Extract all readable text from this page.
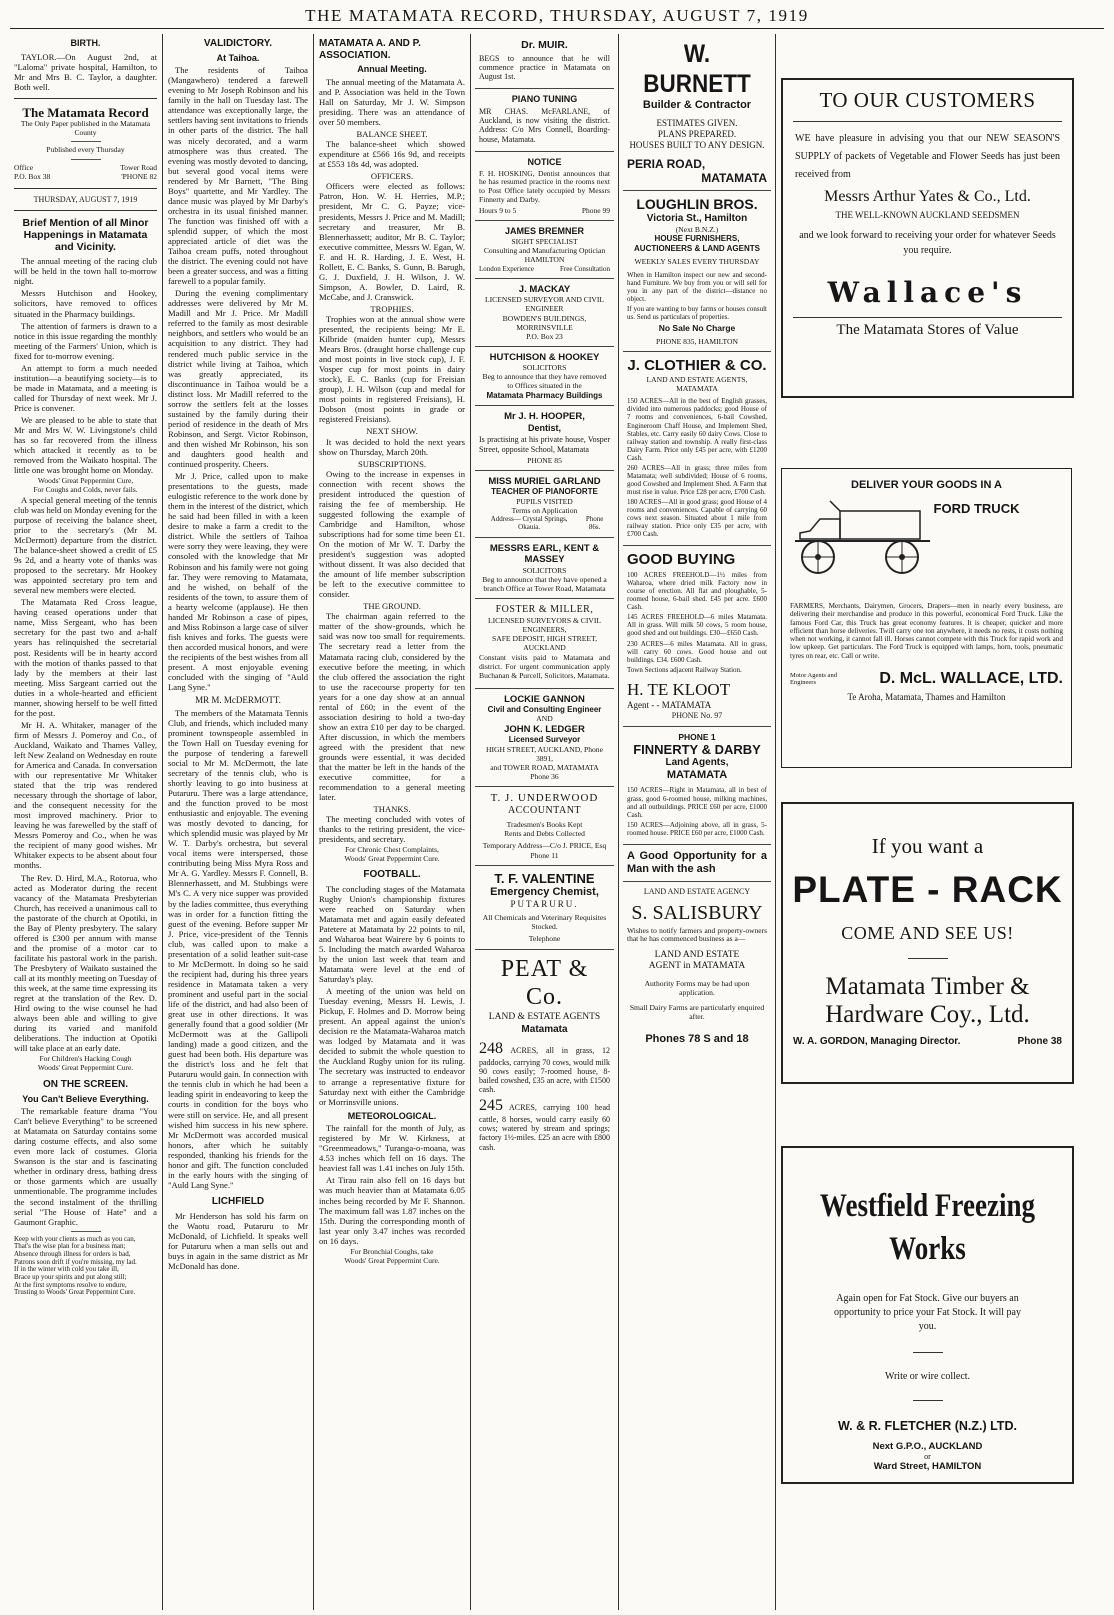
THE MATAMATA RECORD, THURSDAY, AUGUST 7, 1919
BIRTH.

TAYLOR.—On August 2nd, at "Laloma" private hospital, Hamilton, to Mr and Mrs B. C. Taylor, a daughter. Both well.

The Matamata Record
The Only Paper published in the Matamata County
Published every Thursday
Office	Tower Road
P.O. Box 38	'PHONE 82
THURSDAY, AUGUST 7, 1919
Brief Mention of all Minor Happenings in Matamata and Vicinity.

The annual meeting of the racing club will be held in the town hall to-morrow night.

Messrs Hutchison and Hookey, solicitors, have removed to offices situated in the Pharmacy buildings.

The attention of farmers is drawn to a notice in this issue regarding the monthly meeting of the Farmers' Union, which is fixed for to-morrow evening.

An attempt to form a much needed institution—a beautifying society—is to be made in Matamata, and a meeting is called for Thursday of next week. Mr J. Price is convener.

We are pleased to be able to state that Mr and Mrs W. W. Livingstone's child has so far recovered from the illness which attacked it recently as to be removed from the Waikato hospital. The little one was brought home on Monday.

Woods' Great Peppermint Cure,
For Coughs and Colds, never fails.

A special general meeting of the tennis club was held on Monday evening for the purpose of receiving the balance sheet, prior to the secretary's (Mr M. McDermott) departure from the district. The balance-sheet showed a credit of £5 9s 2d, and a hearty vote of thanks was proposed to the secretary. Mr Hookey was appointed secretary pro tem and several new members were elected.

The Matamata Red Cross league, having ceased operations under that name, Miss Sergeant, who has been secretary for the past two and a-half years has relinquished the secretarial post. Residents will be in hearty accord with the motion of thanks passed to that lady by the members at their last meeting. Miss Sargeant carried out the duties in a whole-hearted and efficient manner, showing herself to be well fitted for the post.

Mr H. A. Whitaker, manager of the firm of Messrs J. Pomeroy and Co., of Auckland, Waikato and Thames Valley, left New Zealand on Wednesday en route for America and Canada. In conversation with our representative Mr Whitaker stated that the trip was rendered necessary through the shortage of labor, and the consequent necessity for the most improved machinery. Prior to leaving he was farewelled by the staff of Messrs Pomeroy and Co., when he was the recipient of many good wishes. Mr Whitaker expects to be absent about four months.

The Rev. D. Hird, M.A., Rotorua, who acted as Moderator during the recent vacancy of the Matamata Presbyterian Church, has received a unanimous call to the pastorate of the church at Opotiki, in the Bay of Plenty presbytery. The salary offered is £300 per annum with manse and the promise of a motor car to facilitate his pastoral work in the parish. The Presbytery of Waikato sustained the call at its monthly meeting on Tuesday of this week, at the same time expressing its regret at the translation of the Rev. D. Hird owing to the wise counsel he had always been able and willing to give during its varied and manifold deliberations. The induction at Opotiki will take place at an early date.

For Children's Hacking Cough
Woods' Great Peppermint Cure.
ON THE SCREEN.
You Can't Believe Everything.

The remarkable feature drama "You Can't believe Everything" to be screened at Matamata on Saturday contains some daring costume effects, and also some even more lack of costumes. Gloria Swanson is the star and is fascinating whether in ordinary dress, bathing dress or those garments which are usually unmentionable. The programme includes the second instalment of the thrilling serial "The House of Hate" and a Gaumont Graphic.

Keep with your clients as much as you can,
That's the wise plan for a business man;
Absence through illness for orders is bad,
Patrons soon drift if you're missing, my lad.
If in the winter with cold you take ill,
Brace up your spirits and put along still;
At the first symptoms resolve to endure,
Trusting to Woods' Great Peppermint Cure.
VALIDICTORY.
At Taihoa.

The residents of Taihoa (Mangawhero) tendered a farewell evening to Mr Joseph Robinson and his family in the hall on Tuesday last. The attendance was exceptionally large, the settlers having sent invitations to friends in other parts of the district. The hall was nicely decorated, and a warm atmosphere was thus created. The evening was mostly devoted to dancing, but several good vocal items were rendered by Mr Barnett, "The Bing Boys" quartette, and Mr Yardley. The dance music was played by Mr Darby's orchestra in its usual finished manner. The function was finished off with a splendid supper, of which the most appreciated article of diet was the Taihoa cream puffs, noted throughout the district. The evening could not have been a greater success, and was a fitting farewell to a popular family.

During the evening complimentary addresses were delivered by Mr M. Madill and Mr J. Price. Mr Madill referred to the family as most desirable neighbors, and settlers who would be an acquisition to any district. They had rendered much public service in the district while living at Taihoa, which was greatly appreciated, its discontinuance in Taihoa would be a distinct loss. Mr Madill referred to the sorrow the settlers felt at the losses sustained by the family during their period of residence in the death of Mrs Robinson, and Sergt. Victor Robinson, and then wished Mr Robinson, his son and daughters good health and continued prosperity. Cheers.

Mr J. Price, called upon to make presentations to the guests, made eulogistic reference to the work done by them in the interest of the district, which he said had been filled in with a keen desire to make a farm a credit to the district. While the settlers of Taihoa were sorry they were leaving, they were consoled with the knowledge that Mr Robinson and his family were not going far. They were removing to Matamata, and he wished, on behalf of the residents of the town, to assure them of a hearty welcome (applause). He then handed Mr Robinson a case of pipes, and Miss Robinson a large case of silver fish knives and forks. The guests were then accorded musical honors, and were the recipients of the best wishes from all present. A most enjoyable evening concluded with the singing of "Auld Lang Syne."

MR M. McDERMOTT.

The members of the Matamata Tennis Club, and friends, which included many prominent townspeople assembled in the Town Hall on Tuesday evening for the purpose of tendering a farewell social to Mr M. McDermott, the late secretary of the tennis club, who is shortly leaving to go into business at Putaruru. There was a large attendance, and the function proved to be most enthusiastic and enjoyable. The evening was mostly devoted to dancing, for which splendid music was played by Mr W. T. Darby's orchestra, but several vocal items were interspersed, those contributing being Miss Myra Ross and Mr A. G. Yardley. Messrs F. Connell, B. Blennerhassett, and M. Stubbings were M's C. A very nice supper was provided by the ladies committee, thus everything was in order for a function fitting the guest of the evening. Before supper Mr J. Price, vice-president of the Tennis club, was called upon to make a presentation of a solid leather suit-case to Mr McDermott. In doing so he said the recipient had, during his three years residence in Matamata taken a very prominent and useful part in the social life of the district, and had also been of great use in other directions. It was generally found that a good soldier (Mr McDermott was at the Gallipoli landing) made a good citizen, and the guest had been both. His departure was the district's loss and he felt that Putaruru would gain. In connection with the tennis club in which he had been a leading spirit in endeavoring to keep the courts in condition for the boys who were still on service. He, and all present wished him success in his new sphere. Mr McDermott was accorded musical honors, after which he suitably responded, thanking his friends for the honor and gift. The function concluded in the early hours with the singing of "Auld Lang Syne."

LICHFIELD

Mr Henderson has sold his farm on the Waotu road, Putaruru to Mr McDonald, of Lichfield. It speaks well for Putaruru when a man sells out and buys in again in the same district as Mr McDonald has done.

MATAMATA A. AND P. ASSOCIATION.
Annual Meeting.

The annual meeting of the Matamata A. and P. Association was held in the Town Hall on Saturday, Mr J. W. Simpson presiding. There was an attendance of over 50 members.

BALANCE SHEET.

The balance-sheet which showed expenditure at £566 16s 9d, and receipts at £553 18s 4d, was adopted.

OFFICERS.

Officers were elected as follows: Patron, Hon. W. H. Herries, M.P.; president, Mr C. G. Payze; vice-presidents, Messrs J. Price and M. Madill; secretary and treasurer, Mr B. Blennerhassett; auditor, Mr B. C. Taylor; executive committee, Messrs W. Egan, W. F. and H. R. Harding, J. E. West, H. Rollett, E. C. Banks, S. Gunn, B. Barugh, G. J. Duxfield, J. H. Wilson, J. W. Simpson, A. Bowler, D. Laird, R. McCabe, and J. Cranswick.

TROPHIES.

Trophies won at the annual show were presented, the recipients being: Mr E. Kilbride (maiden hunter cup), Messrs Mears Bros. (draught horse challenge cup and most points in live stock cup), J. F. Vosper cup for most points in dairy stock), E. C. Banks (cup for Freisian group), J. H. Wilson (cup and medal for most points in registered Freisians), H. Dobson (most points in grade or registered Freisians).

NEXT SHOW.

It was decided to hold the next years show on Thursday, March 20th.

SUBSCRIPTIONS.

Owing to the increase in expenses in connection with recent shows the president introduced the question of raising the fee of membership. He suggested following the example of Cambridge and Hamilton, whose subscriptions had for some time been £1. On the motion of Mr W. T. Darby the president's suggestion was adopted without dissent. It was also decided that the amount of life member subscription be left to the executive committee to consider.

THE GROUND.

The chairman again referred to the matter of the show-grounds, which he said was now too small for requirements. The secretary read a letter from the Matamata racing club, considered by the executive before the meeting, in which the club offered the association the right to use the racecourse property for ten years for a one day show at an annual rental of £60; in the event of the association desiring to hold a two-day show an extra £10 per day to be charged. After discussion, in which the members agreed with the president that new grounds were essential, it was decided that the matter be left in the hands of the executive committee, for a recommendation to a general meeting later.

THANKS.

The meeting concluded with votes of thanks to the retiring president, the vice-presidents, and secretary.

For Chronic Chest Complaints,
Woods' Great Peppermint Cure.
FOOTBALL.

The concluding stages of the Matamata Rugby Union's championship fixtures were reached on Saturday when Matamata met and again easily defeated Patetere at Matamata by 22 points to nil, and Waharoa beat Wairere by 6 points to 5. Including the match awarded Waharoa by the union last week that team and Matamata were level at the end of Saturday's play.

A meeting of the union was held on Tuesday evening, Messrs H. Lewis, J. Pickup, F. Holmes and D. Morrow being present. An appeal against the union's decision re the Matamata-Waharoa match was lodged by Matamata and it was decided to submit the whole question to the Auckland Rugby union for its ruling. The secretary was instructed to endeavor to arrange a representative fixture for Saturday next with either the Cambridge or Morrinsville unions.

METEOROLOGICAL.

The rainfall for the month of July, as registered by Mr W. Kirkness, at "Greenmeadows," Turanga-o-moana, was 4.53 inches which fell on 16 days. The heaviest fall was 1.41 inches on July 15th.

At Tirau rain also fell on 16 days but was much heavier than at Matamata 6.05 inches being recorded by Mr F. Shannon. The maximum fall was 1.87 inches on the 15th. During the corresponding month of last year only 3.47 inches was recorded on 16 days.

For Bronchial Coughs, take
Woods' Great Peppermint Cure.
Dr. MUIR.
BEGS to announce that he will commence practice in Matamata on August 1st.
PIANO TUNING
MR CHAS. McFARLANE, of Auckland, is now visiting the district. Address: C/o Mrs Connell, Boarding-house, Matamata.
NOTICE
F. H. HOSKING, Dentist announces that he has resumed practice in the rooms next to Post Office lately occupied by Messrs Finnerty and Darby.
Hours 9 to 5	Phone 99
JAMES BREMNER
SIGHT SPECIALIST
Consulting and Manufacturing Optician HAMILTON
London Experience	Free Consultation
J. MACKAY
LICENSED SURVEYOR AND CIVIL ENGINEER
BOWDEN'S BUILDINGS, MORRINSVILLE
P.O. Box 23
HUTCHISON & HOOKEY
SOLICITORS
Beg to announce that they have removed to Offices situated in the
Matamata Pharmacy Buildings
Mr J. H. HOOPER,
Dentist,
Is practising at his private house, Vosper Street, opposite School, Matamata
PHONE 85
MISS MURIEL GARLAND
TEACHER OF PIANOFORTE
PUPILS VISITED
Terms on Application
Address— Crystal Springs, Okauia.
Phone 86s.
MESSRS EARL, KENT & MASSEY
SOLICITORS
Beg to announce that they have opened a branch Office at Tower Road, Matamata
FOSTER & MILLER,
LICENSED SURVEYORS & CIVIL ENGINEERS,
SAFE DEPOSIT, HIGH STREET, AUCKLAND
Constant visits paid to Matamata and district. For urgent communication apply Buchanan & Purcell, Solicitors, Matamata.
LOCKIE GANNON
Civil and Consulting Engineer
AND
JOHN K. LEDGER
Licensed Surveyor
HIGH STREET, AUCKLAND, Phone 3891,
and TOWER ROAD, MATAMATA
Phone 36
T. J. UNDERWOOD
ACCOUNTANT
Tradesmen's Books Kept
Rents and Debts Collected
Temporary Address—C/o J. PRICE, Esq
Phone 11
T. F. VALENTINE
Emergency Chemist,
PUTARURU.
All Chemicals and Veterinary Requisites Stocked.
Telephone
PEAT & Co.
LAND & ESTATE AGENTS
Matamata
248 ACRES, all in grass, 12 paddocks, carrying 70 cows, would milk 90 cows easily; 7-roomed house, 8-bailed cowshed, £35 an acre, with £1500 cash.
245 ACRES, carrying 100 head cattle, 8 horses, would carry easily 60 cows; watered by stream and springs; factory 1½-miles. £25 an acre with £800 cash.
W. BURNETT
Builder & Contractor
ESTIMATES GIVEN.
PLANS PREPARED.
HOUSES BUILT TO ANY DESIGN.
PERIA ROAD,
MATAMATA
LOUGHLIN BROS.
Victoria St., Hamilton
(Next B.N.Z.)
HOUSE FURNISHERS, AUCTIONEERS & LAND AGENTS
WEEKLY SALES EVERY THURSDAY
When in Hamilton inspect our new and second-hand Furniture. We buy from you or will sell for you in any part of the district—distance no object.
If you are wanting to buy farms or houses consult us. Send us particulars of properties.
No Sale No Charge
PHONE 835, HAMILTON
J. CLOTHIER & CO.
LAND AND ESTATE AGENTS,
MATAMATA
150 ACRES—All in the best of English grasses, divided into numerous paddocks; good House of 7 rooms and conveniences, 6-bail Cowshed, Engineroom Chaff House, and Implement Shed, Stables, etc. Carry easily 60 dairy Cows. Close to railway station and township. A really first-class Dairy Farm. Price only £45 per acre, with £1200 Cash.
260 ACRES—All in grass; three miles from Matamata; well subdivided; House of 6 rooms, good Cowshed and Implement Shed. A Farm that must rise in value. Price £28 per acre, £700 Cash.
180 ACRES—All in good grass; good House of 4 rooms and conveniences. Capable of carrying 60 cows next season. Situated about 1 mile from railway station. Price only £35 per acre, with £700 Cash.
GOOD BUYING
100 ACRES FREEHOLD—1½ miles from Waharoa, where dried milk Factory now in course of erection. All flat and ploughable, 5-roomed house, 6-bail shed. £45 per acre. £600 Cash.
145 ACRES FREEHOLD—6 miles Matamata. All in grass. Will milk 50 cows, 5 room house, good shed and out buildings. £30—£650 Cash.
230 ACRES—6 miles Matamata. All in grass, will carry 60 cows. Good house and out buildings. £34. £600 Cash.
Town Sections adjacent Railway Station.
H. TE KLOOT
Agent - - MATAMATA
PHONE No. 97
PHONE 1
FINNERTY & DARBY
Land Agents,
MATAMATA
150 ACRES—Right in Matamata, all in best of grass, good 6-roomed house, milking machines, and all outbuildings. PRICE £60 per acre, £1000 Cash.
150 ACRES—Adjoining above, all in grass, 5-roomed house. PRICE £60 per acre, £1000 Cash.
A Good Opportunity for a Man with the ash
LAND AND ESTATE AGENCY
S. SALISBURY
Wishes to notify farmers and property-owners that he has commenced business as a—
LAND AND ESTATE
AGENT in MATAMATA
Authority Forms may be had upon application.
Small Dairy Farms are particularly enquired after.
Phones 78 S and 18
TO OUR CUSTOMERS
WE have pleasure in advising you that our NEW SEASON'S SUPPLY of packets of Vegetable and Flower Seeds has just been received from
Messrs Arthur Yates & Co., Ltd.
THE WELL-KNOWN AUCKLAND SEEDSMEN
and we look forward to receiving your order for whatever Seeds you require.
Wallace's
The Matamata Stores of Value
DELIVER YOUR GOODS IN A
FORD TRUCK
FARMERS, Merchants, Dairymen, Grocers, Drapers—men in nearly every business, are delivering their merchandise and produce in this powerful, economical Ford Truck. Like the famous Ford Car, this Truck has great economy features. It is cheaper, quicker and more efficient than horse deliveries. Twill carry one ton anywhere, it needs no rests, it costs nothing when not working, it cannot fall ill. Horses cannot compete with this Truck for rapid work and low upkeep. Get particulars. The Ford Truck is equipped with lamps, horn, tools, pneumatic tyres on rear, etc. Call or write.
Motor Agents and Engineers	D. McL. WALLACE, LTD.
Te Aroha, Matamata, Thames and Hamilton
If you want a
PLATE - RACK
COME AND SEE US!
Matamata Timber & Hardware Coy., Ltd.
W. A. GORDON, Managing Director.	Phone 38
Westfield Freezing
Works
Again open for Fat Stock. Give our buyers an opportunity to price your Fat Stock. It will pay you.
Write or wire collect.
W. & R. FLETCHER (N.Z.) LTD.
Next G.P.O., AUCKLAND
or
Ward Street, HAMILTON
